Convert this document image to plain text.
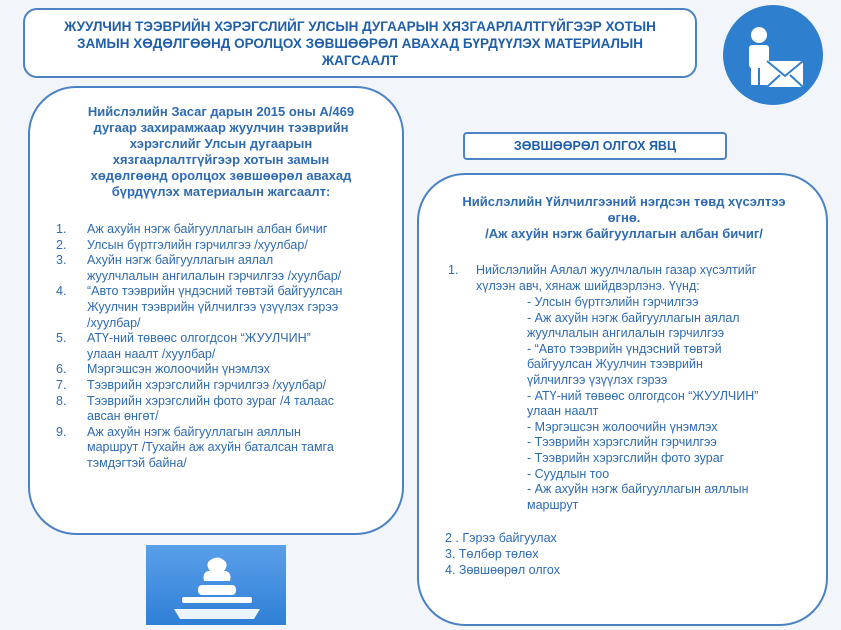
ЖУУЛЧИН ТЭЭВРИЙН ХЭРЭГСЛИЙГ УЛСЫН ДУГААРЫН ХЯЗГААРЛАЛТГҮЙГЭЭР ХОТЫН
ЗАМЫН ХӨДӨЛГӨӨНД ОРОЛЦОХ ЗӨВШӨӨРӨЛ АВАХАД БҮРДҮҮЛЭХ МАТЕРИАЛЫН
ЖАГСААЛТ
Нийслэлийн Засаг дарын 2015 оны А/469
дугаар захирамжаар жуулчин тээврийн
хэрэгслийг Улсын дугаарын
хязгаарлалтгүйгээр хотын замын
хөдөлгөөнд оролцох зөвшөөрөл авахад
бүрдүүлэх материалын жагсаалт:
1.	Аж ахуйн нэгж байгууллагын албан бичиг
2.	Улсын бүртгэлийн гэрчилгээ /хуулбар/
3.	Ахуйн нэгж байгууллагын аялал
жуулчлалын ангилалын гэрчилгээ /хуулбар/
4.	“Авто тээврийн үндэсний төвтэй байгуулсан
Жуулчин тээврийн үйлчилгээ үзүүлэх гэрээ
/хуулбар/
5.	АТҮ-ний төвөөс олгогдсон “ЖУУЛЧИН”
улаан наалт /хуулбар/
6.	Мэргэшсэн жолоочийн үнэмлэх
7.	Тээврийн хэрэгслийн гэрчилгээ /хуулбар/
8.	Тээврийн хэрэгслийн фото зураг /4 талаас
авсан өнгөт/
9.	Аж ахуйн нэгж байгууллагын аяллын
маршрут /Тухайн аж ахуйн баталсан тамга
тэмдэгтэй байна/
ЗӨВШӨӨРӨЛ ОЛГОХ ЯВЦ
Нийслэлийн Үйлчилгээний нэгдсэн төвд хүсэлтээ
өгнө.
/Аж ахуйн нэгж байгууллагын албан бичиг/
1.	Нийслэлийн Аялал жуулчлалын газар хүсэлтийг
хүлээн авч, хянаж шийдвэрлэнэ. Үүнд:
- Улсын бүртгэлийн гэрчилгээ
- Аж ахуйн нэгж байгууллагын аялал
жуулчлалын ангилалын гэрчилгээ
- “Авто тээврийн үндэсний төвтэй
байгуулсан Жуулчин тээврийн
үйлчилгээ үзүүлэх гэрээ
- АТҮ-ний төвөөс олгогдсон “ЖУУЛЧИН”
улаан наалт
- Мэргэшсэн жолоочийн үнэмлэх
- Тээврийн хэрэгслийн гэрчилгээ
- Тээврийн хэрэгслийн фото зураг
- Суудлын тоо
- Аж ахуйн нэгж байгууллагын аяллын
маршрут
2 . Гэрээ байгуулах
3. Төлбөр төлөх
4. Зөвшөөрөл олгох
